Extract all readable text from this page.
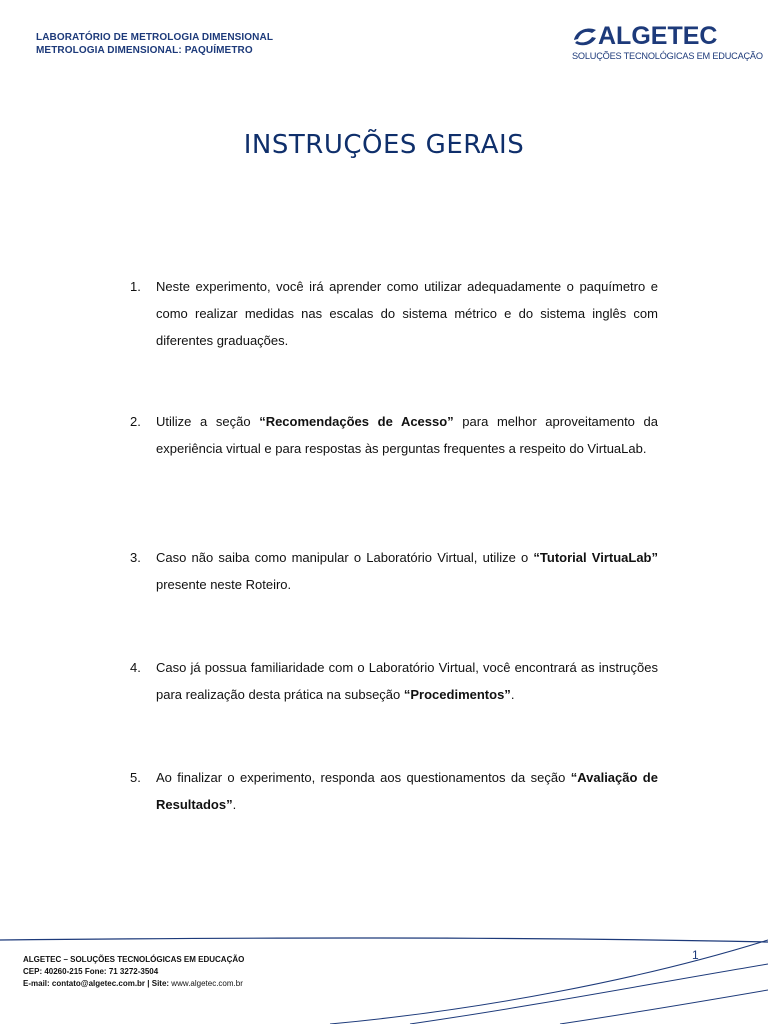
LABORATÓRIO DE METROLOGIA DIMENSIONAL
METROLOGIA DIMENSIONAL: PAQUÍMETRO
ALGETEC
SOLUÇÕES TECNOLÓGICAS EM EDUCAÇÃO
INSTRUÇÕES GERAIS
1.	Neste experimento, você irá aprender como utilizar adequadamente o paquímetro e como realizar medidas nas escalas do sistema métrico e do sistema inglês com diferentes graduações.
2.	Utilize a seção “Recomendações de Acesso” para melhor aproveitamento da experiência virtual e para respostas às perguntas frequentes a respeito do VirtuaLab.
3.	Caso não saiba como manipular o Laboratório Virtual, utilize o “Tutorial VirtuaLab” presente neste Roteiro.
4.	Caso já possua familiaridade com o Laboratório Virtual, você encontrará as instruções para realização desta prática na subseção “Procedimentos”.
5.	Ao finalizar o experimento, responda aos questionamentos da seção “Avaliação de Resultados”.
ALGETEC – SOLUÇÕES TECNOLÓGICAS EM EDUCAÇÃO
CEP: 40260-215 Fone: 71 3272-3504
E-mail: contato@algetec.com.br | Site: www.algetec.com.br
1
